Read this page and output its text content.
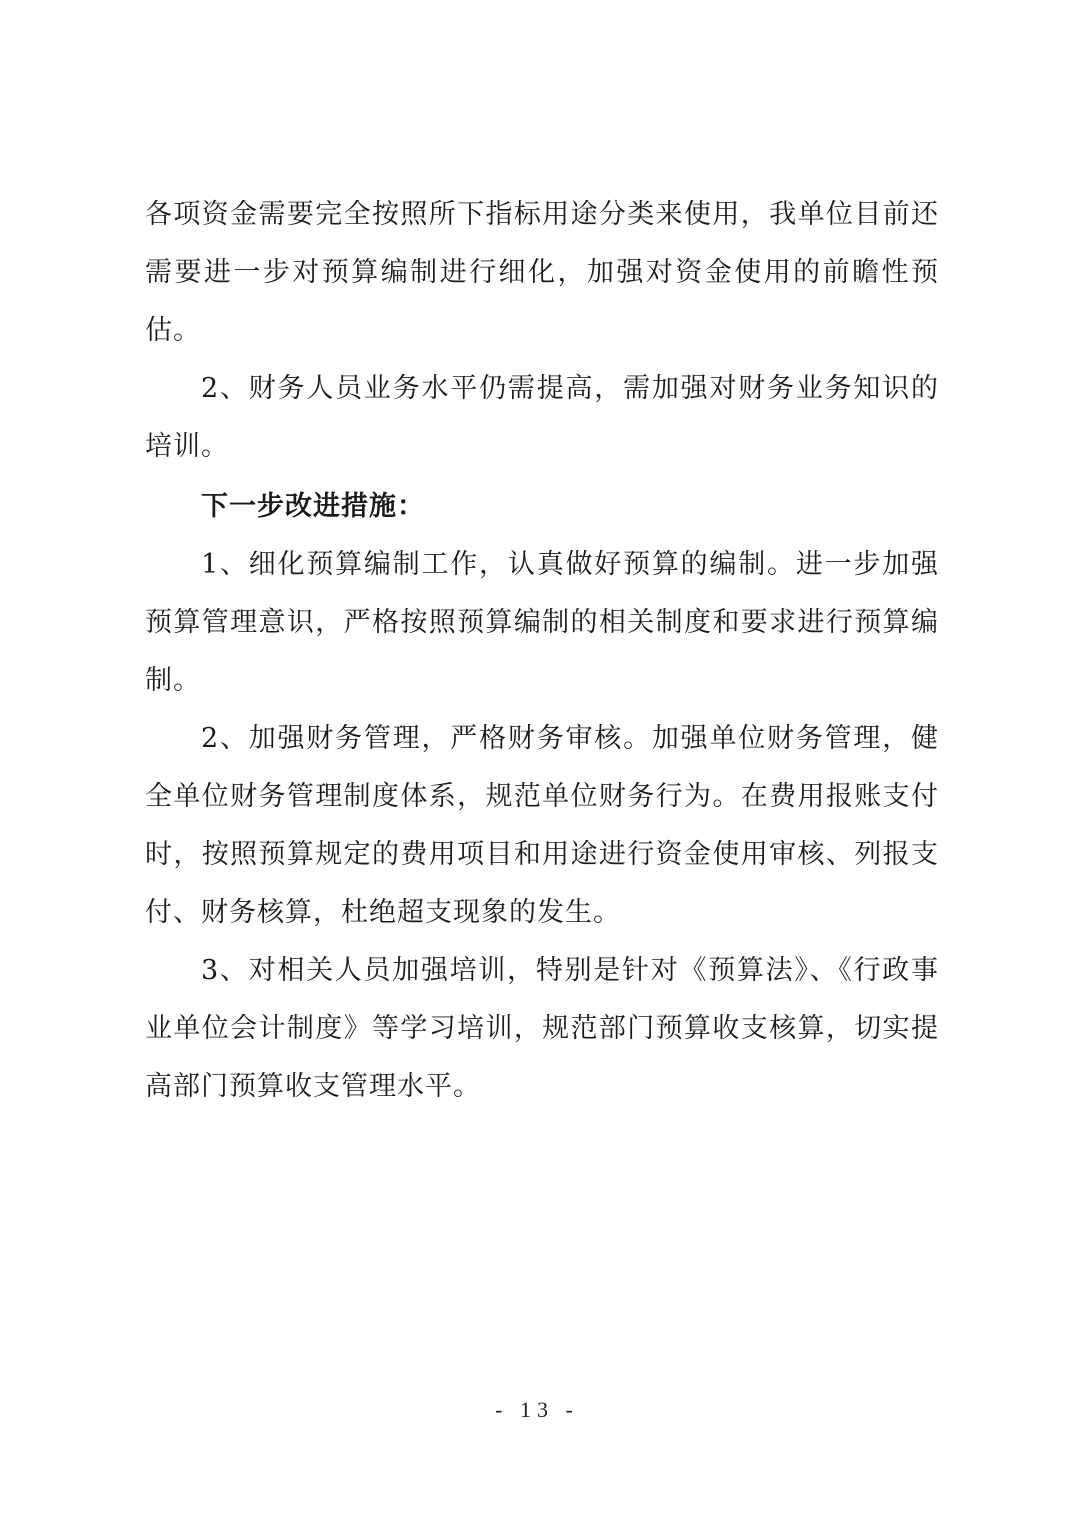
各项资金需要完全按照所下指标用途分类来使用，我单位目前还需要进一步对预算编制进行细化，加强对资金使用的前瞻性预估。

2、财务人员业务水平仍需提高，需加强对财务业务知识的培训。

下一步改进措施：

1、细化预算编制工作，认真做好预算的编制。进一步加强预算管理意识，严格按照预算编制的相关制度和要求进行预算编制。

2、加强财务管理，严格财务审核。加强单位财务管理，健全单位财务管理制度体系，规范单位财务行为。在费用报账支付时，按照预算规定的费用项目和用途进行资金使用审核、列报支付、财务核算，杜绝超支现象的发生。

3、对相关人员加强培训，特别是针对《预算法》、《行政事业单位会计制度》等学习培训，规范部门预算收支核算，切实提高部门预算收支管理水平。

- 13 -
